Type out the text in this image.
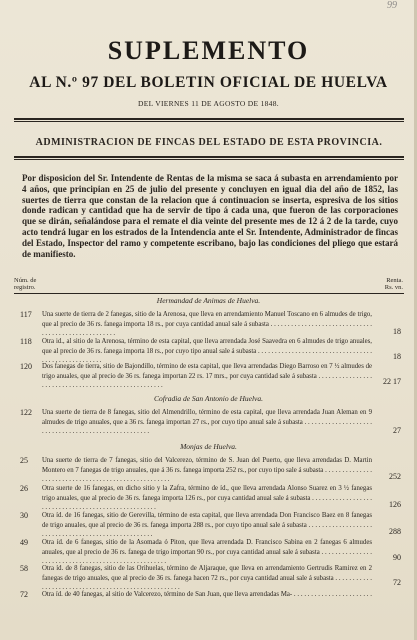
99
SUPLEMENTO
AL N.º 97 DEL BOLETIN OFICIAL DE HUELVA
DEL VIERNES 11 DE AGOSTO DE 1848.
ADMINISTRACION DE FINCAS DEL ESTADO DE ESTA PROVINCIA.
Por disposicion del Sr. Intendente de Rentas de la misma se saca á subasta en arrendamiento por 4 años, que principian en 25 de julio del presente y concluyen en igual dia del año de 1852, las suertes de tierra que constan de la relacion que á continuacion se inserta, espresiva de los sitios donde radican y cantidad que ha de servir de tipo á cada una, que fueron de las corporaciones que se dirán, señalándose para el remate el dia veinte del presente mes de 12 á 2 de la tarde, cuyo acto tendrá lugar en los estrados de la Intendencia ante el Sr. Intendente, Administrador de fincas del Estado, Inspector del ramo y competente escribano, bajo las condiciones del pliego que estará de manifiesto.
Núm. de
registro.
Renta.
Rs. vn.
Hermandad de Animas de Huelva.
117 Una suerte de tierra de 2 fanegas, sitio de la Arenosa, que lleva en arrendamiento Manuel Toscano en 6 almudes de trigo, que al precio de 36 rs. fanega importa 18 rs., por cuya cantidad anual sale á subasta . . .
18
118 Otra id., al sitio de la Arenosa, término de esta capital, que lleva arrendada José Saavedra en 6 almudes de trigo anuales, que al precio de 36 rs. fanega importa 18 rs., por cuyo tipo anual sale á subasta . . .
18
120 Dos fanegas de tierra, sitio de Bajondillo, término de esta capital, que lleva arrendadas Diego Barroso en 7 ½ almudes de trigo anuales, que al precio de 36 rs. fanega importan 22 rs. 17 mrs., por cuya cantidad sale á subasta . . .
22 17
Cofradia de San Antonio de Huelva.
122 Una suerte de tierra de 8 fanegas, sitio del Almendrillo, término de esta capital, que lleva arrendada Juan Aleman en 9 almudes de trigo anuales, que a 36 rs. fanega importan 27 rs., por cuyo tipo anual sale á subasta . . .
27
Monjas de Huelva.
25 Una suerte de tierra de 7 fanegas, sitio del Valcerezo, término de S. Juan del Puerto, que lleva arrendadas D. Martin Montero en 7 fanegas de trigo anuales, que á 36 rs. fanega importa 252 rs., por cuyo tipo sale á subasta . . .
252
26 Otra suerte de 16 fanegas, en dicho sitio y la Zafra, término de íd., que lleva arrendada Alonso Suarez en 3 ½ fanegas trigo anuales, que al precio de 36 rs. fanega importa 126 rs., por cuya cantidad anual sale á subasta . . .
126
30 Otra íd. de 16 fanegas, sitio de Gerevilla, término de esta capital, que lleva arrendada Don Francisco Baez en 8 fanegas de trigo anuales, que al precio de 36 rs. fanega importa 288 rs., por cuyo tipo anual sale á subasta . . .
288
49 Otra íd. de 6 fanegas, sitio de la Asomada ó Piton, que lleva arrendada D. Francisco Sabina en 2 fanegas 6 almudes anuales, que al precio de 36 rs. fanega de trigo importan 90 rs., por cuya cantidad anual sale á subasta . . .
90
58 Otra íd. de 8 fanegas, sitio de las Orihuelas, término de Aljaraque, que lleva en arrendamiento Gertrudis Ramirez en 2 fanegas de trigo anuales, que al precio de 36 rs. fanega hacen 72 rs., por cuya cantidad anual sale á subasta . . .	72
72 Otra íd. de 40 fanegas, al sitio de Valcerezo, término de San Juan, que lleva arrendadas Ma- . . .
